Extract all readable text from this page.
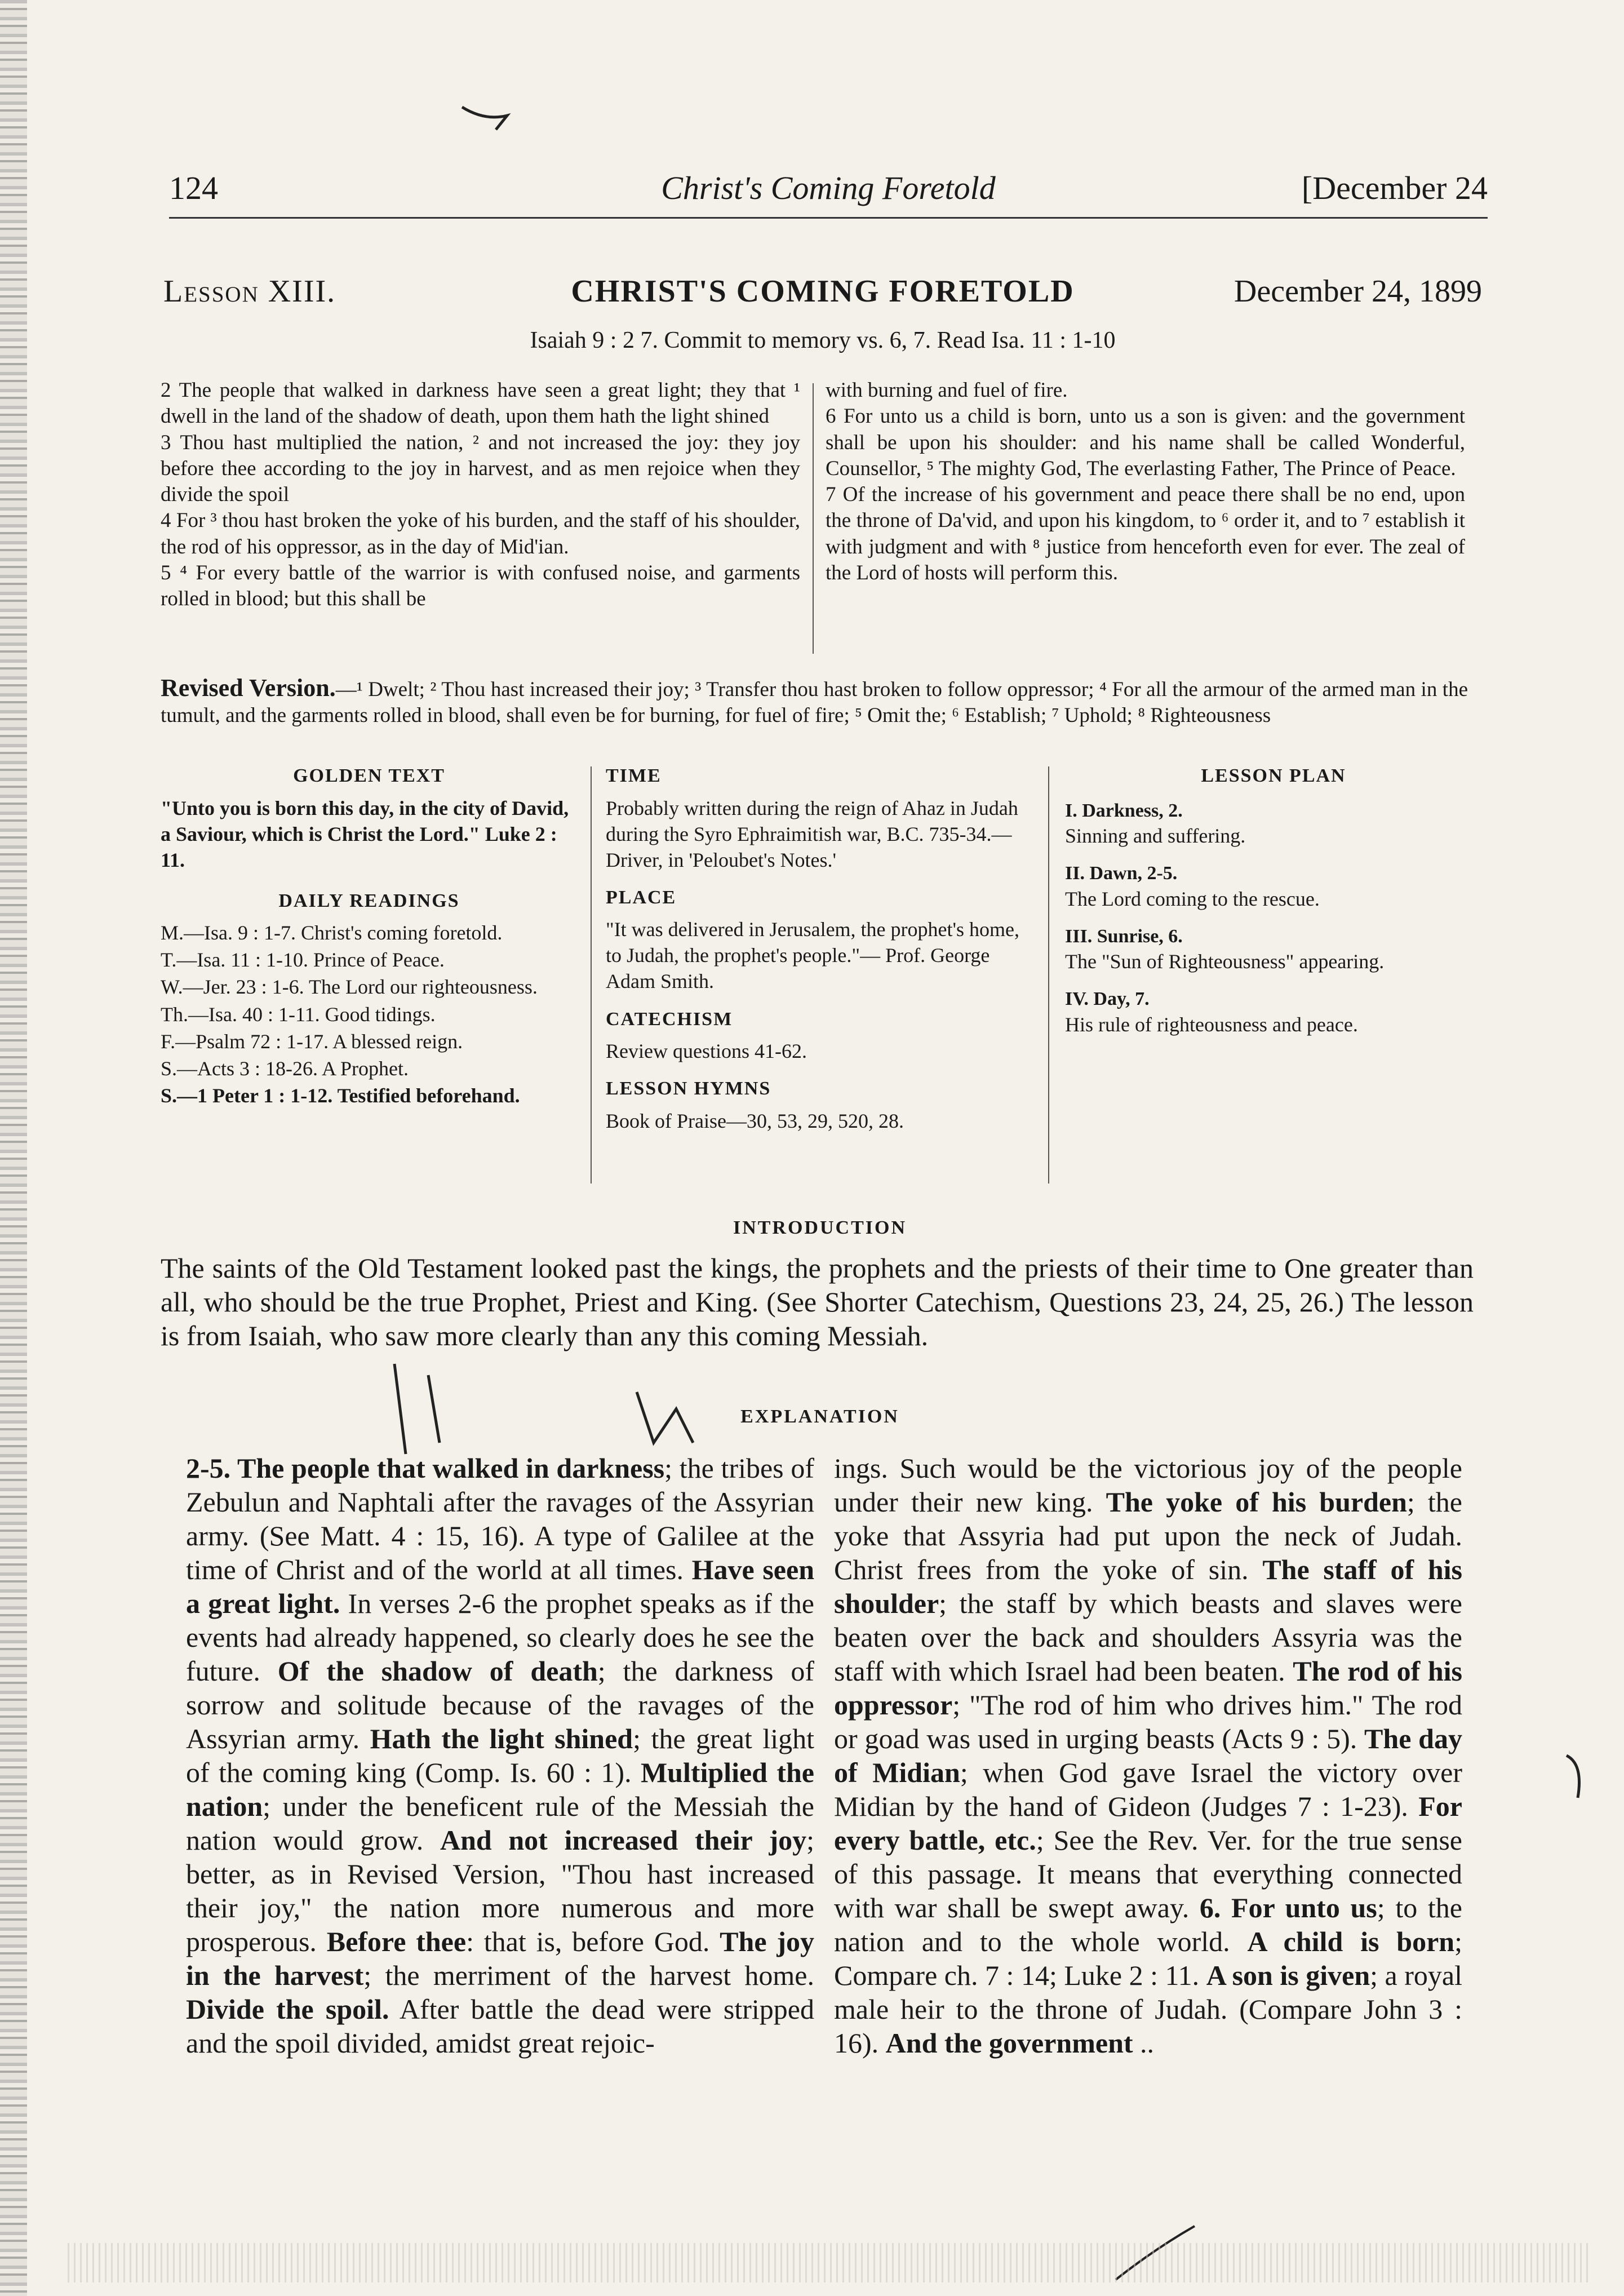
124	Christ's Coming Foretold	[December 24
Lesson XIII.	CHRIST'S COMING FORETOLD	December 24, 1899
Isaiah 9 : 2 7. Commit to memory vs. 6, 7. Read Isa. 11 : 1-10

2 The people that walked in darkness have seen a great light; they that ¹ dwell in the land of the shadow of death, upon them hath the light shined

3 Thou hast multiplied the nation, ² and not increased the joy: they joy before thee according to the joy in harvest, and as men rejoice when they divide the spoil

4 For ³ thou hast broken the yoke of his burden, and the staff of his shoulder, the rod of his oppressor, as in the day of Mid'ian.

5 ⁴ For every battle of the warrior is with confused noise, and garments rolled in blood; but this shall be

with burning and fuel of fire.

6 For unto us a child is born, unto us a son is given: and the government shall be upon his shoulder: and his name shall be called Wonderful, Counsellor, ⁵ The mighty God, The everlasting Father, The Prince of Peace.

7 Of the increase of his government and peace there shall be no end, upon the throne of Da'vid, and upon his kingdom, to ⁶ order it, and to ⁷ establish it with judgment and with ⁸ justice from henceforth even for ever. The zeal of the Lord of hosts will perform this.

Revised Version.—¹ Dwelt; ² Thou hast increased their joy; ³ Transfer thou hast broken to follow oppressor; ⁴ For all the armour of the armed man in the tumult, and the garments rolled in blood, shall even be for burning, for fuel of fire; ⁵ Omit the; ⁶ Establish; ⁷ Uphold; ⁸ Righteousness
GOLDEN TEXT
"Unto you is born this day, in the city of David, a Saviour, which is Christ the Lord." Luke 2 : 11.
DAILY READINGS
M.—Isa. 9 : 1-7. Christ's coming foretold.
T.—Isa. 11 : 1-10. Prince of Peace.
W.—Jer. 23 : 1-6. The Lord our righteousness.
Th.—Isa. 40 : 1-11. Good tidings.
F.—Psalm 72 : 1-17. A blessed reign.
S.—Acts 3 : 18-26. A Prophet.
S.—1 Peter 1 : 1-12. Testified beforehand.
TIME
Probably written during the reign of Ahaz in Judah during the Syro Ephraimitish war, B.C. 735-34.— Driver, in 'Peloubet's Notes.'
PLACE
"It was delivered in Jerusalem, the prophet's home, to Judah, the prophet's people."— Prof. George Adam Smith.
CATECHISM
Review questions 41-62.
LESSON HYMNS
Book of Praise—30, 53, 29, 520, 28.
LESSON PLAN
I. Darkness, 2.
Sinning and suffering.
II. Dawn, 2-5.
The Lord coming to the rescue.
III. Sunrise, 6.
The "Sun of Righteousness" appearing.
IV. Day, 7.
His rule of righteousness and peace.
INTRODUCTION
The saints of the Old Testament looked past the kings, the prophets and the priests of their time to One greater than all, who should be the true Prophet, Priest and King. (See Shorter Catechism, Questions 23, 24, 25, 26.) The lesson is from Isaiah, who saw more clearly than any this coming Messiah.
EXPLANATION

2-5. The people that walked in darkness; the tribes of Zebulun and Naphtali after the ravages of the Assyrian army. (See Matt. 4 : 15, 16). A type of Galilee at the time of Christ and of the world at all times. Have seen a great light. In verses 2-6 the prophet speaks as if the events had already happened, so clearly does he see the future. Of the shadow of death; the darkness of sorrow and solitude because of the ravages of the Assyrian army. Hath the light shined; the great light of the coming king (Comp. Is. 60 : 1). Multiplied the nation; under the beneficent rule of the Messiah the nation would grow. And not increased their joy; better, as in Revised Version, "Thou hast increased their joy," the nation more numerous and more prosperous. Before thee: that is, before God. The joy in the harvest; the merriment of the harvest home. Divide the spoil. After battle the dead were stripped and the spoil divided, amidst great rejoic-

ings. Such would be the victorious joy of the people under their new king. The yoke of his burden; the yoke that Assyria had put upon the neck of Judah. Christ frees from the yoke of sin. The staff of his shoulder; the staff by which beasts and slaves were beaten over the back and shoulders Assyria was the staff with which Israel had been beaten. The rod of his oppressor; "The rod of him who drives him." The rod or goad was used in urging beasts (Acts 9 : 5). The day of Midian; when God gave Israel the victory over Midian by the hand of Gideon (Judges 7 : 1-23). For every battle, etc.; See the Rev. Ver. for the true sense of this passage. It means that everything connected with war shall be swept away. 6. For unto us; to the nation and to the whole world. A child is born; Compare ch. 7 : 14; Luke 2 : 11. A son is given; a royal male heir to the throne of Judah. (Compare John 3 : 16). And the government ..
